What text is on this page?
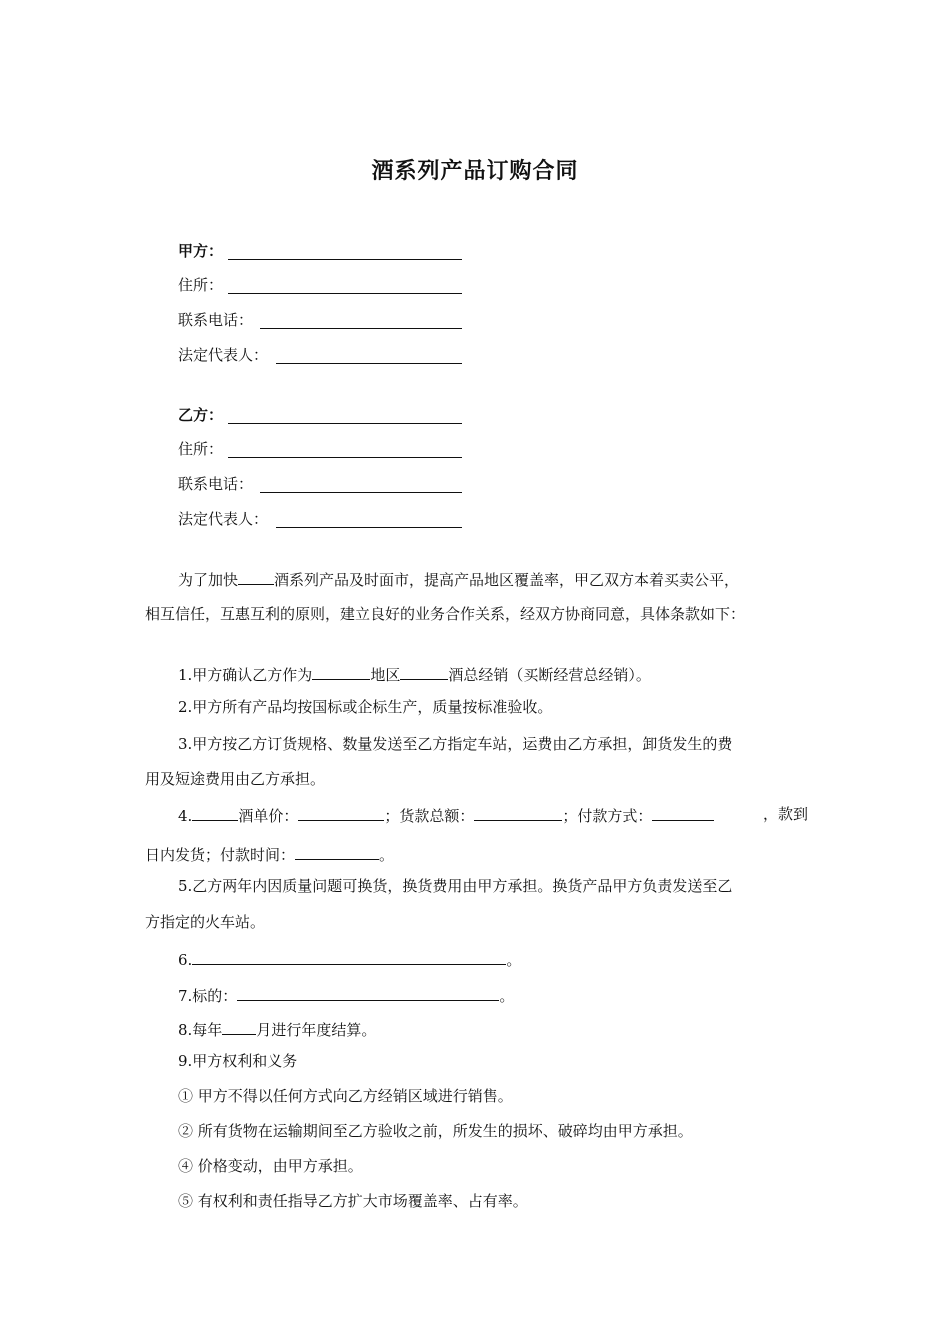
酒系列产品订购合同
甲方：
住所：
联系电话：
法定代表人：
乙方：
住所：
联系电话：
法定代表人：
为了加快 酒系列产品及时面市，提高产品地区覆盖率，甲乙双方本着买卖公平，
相互信任，互惠互利的原则，建立良好的业务合作关系，经双方协商同意，具体条款如下：
1.甲方确认乙方作为	地区	酒总经销（买断经营总经销）。
2.甲方所有产品均按国标或企标生产，质量按标准验收。
3.甲方按乙方订货规格、数量发送至乙方指定车站，运费由乙方承担，卸货发生的费
用及短途费用由乙方承担。
4.	酒单价：	；货款总额：	；付款方式：	，款到
日内发货；付款时间：	。
5.乙方两年内因质量问题可换货，换货费用由甲方承担。换货产品甲方负责发送至乙
方指定的火车站。
6.	。
7.标的：	。
8.每年 月进行年度结算。
9.甲方权利和义务
① 甲方不得以任何方式向乙方经销区域进行销售。
② 所有货物在运输期间至乙方验收之前，所发生的损坏、破碎均由甲方承担。
④ 价格变动，由甲方承担。
⑤ 有权利和责任指导乙方扩大市场覆盖率、占有率。
